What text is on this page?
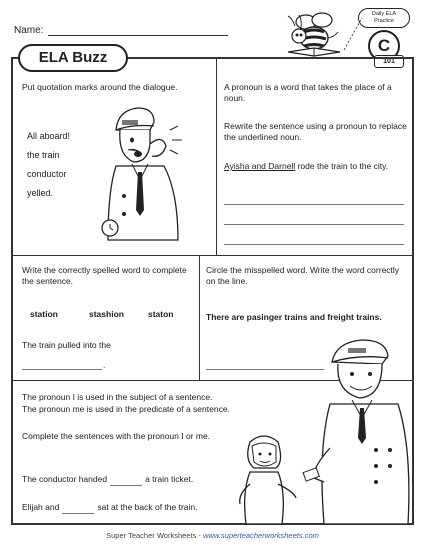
Name:
Daily ELA
Practice
C
101
ELA Buzz
Put quotation marks around the dialogue.
All aboard!
the train
conductor
yelled.
A pronoun is a word that takes the place of a noun.
Rewrite the sentence using a pronoun to replace the underlined noun.
Ayisha and Darnell rode the train to the city.
Write the correctly spelled word to complete the sentence.
station	stashion	staton
The train pulled into the
.
Circle the misspelled word. Write the word correctly on the line.
There are pasinger trains and freight trains.
The pronoun I is used in the subject of a sentence.
The pronoun me is used in the predicate of a sentence.
Complete the sentences with the pronoun I or me.
The conductor handed	a train ticket.
Elijah and	sat at the back of the train.
Super Teacher Worksheets - www.superteacherworksheets.com
